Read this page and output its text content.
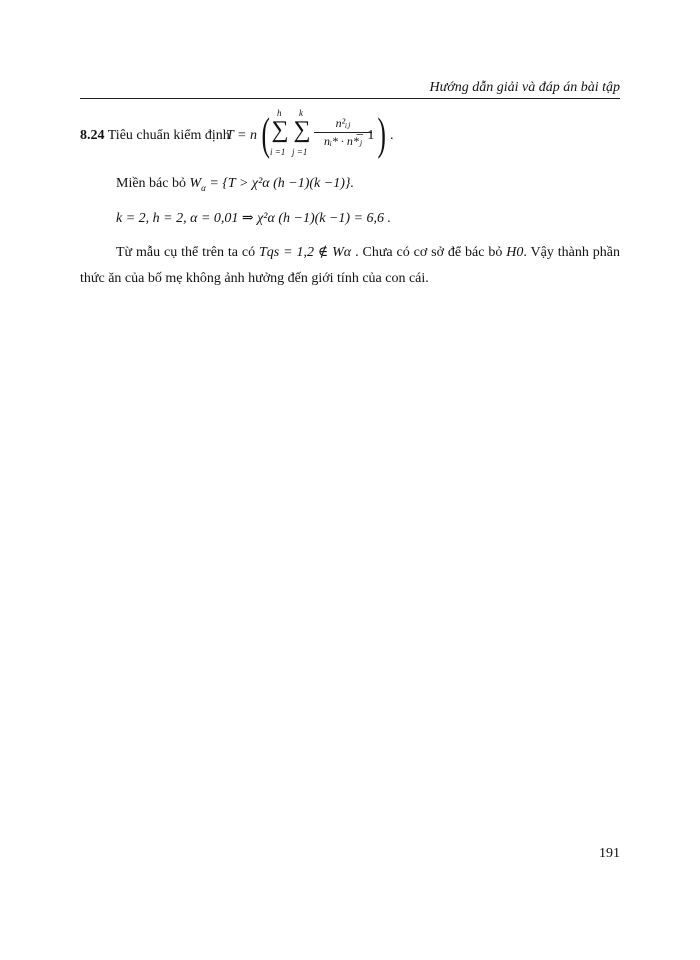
Hướng dẫn giải và đáp án bài tập
8.24 Tiêu chuẩn kiểm định
T = n ( h
∑
i =1
k
∑
j =1
n²ᵢⱼ
nᵢ* · n*ⱼ
− 1 ) .
Miền bác bỏ $W_\alpha = \{T > \chi^2\alpha$ (h −1)(k −1)}.
k = 2, h = 2, α = 0,01 ⇒ χ²α (h −1)(k −1) = 6,6 .
Từ mẫu cụ thể trên ta có Tqs = 1,2 ∉ Wα . Chưa có cơ sở để bác bỏ H0. Vậy thành phần thức ăn của bố mẹ không ảnh hưởng đến giới tính của con cái.
191
